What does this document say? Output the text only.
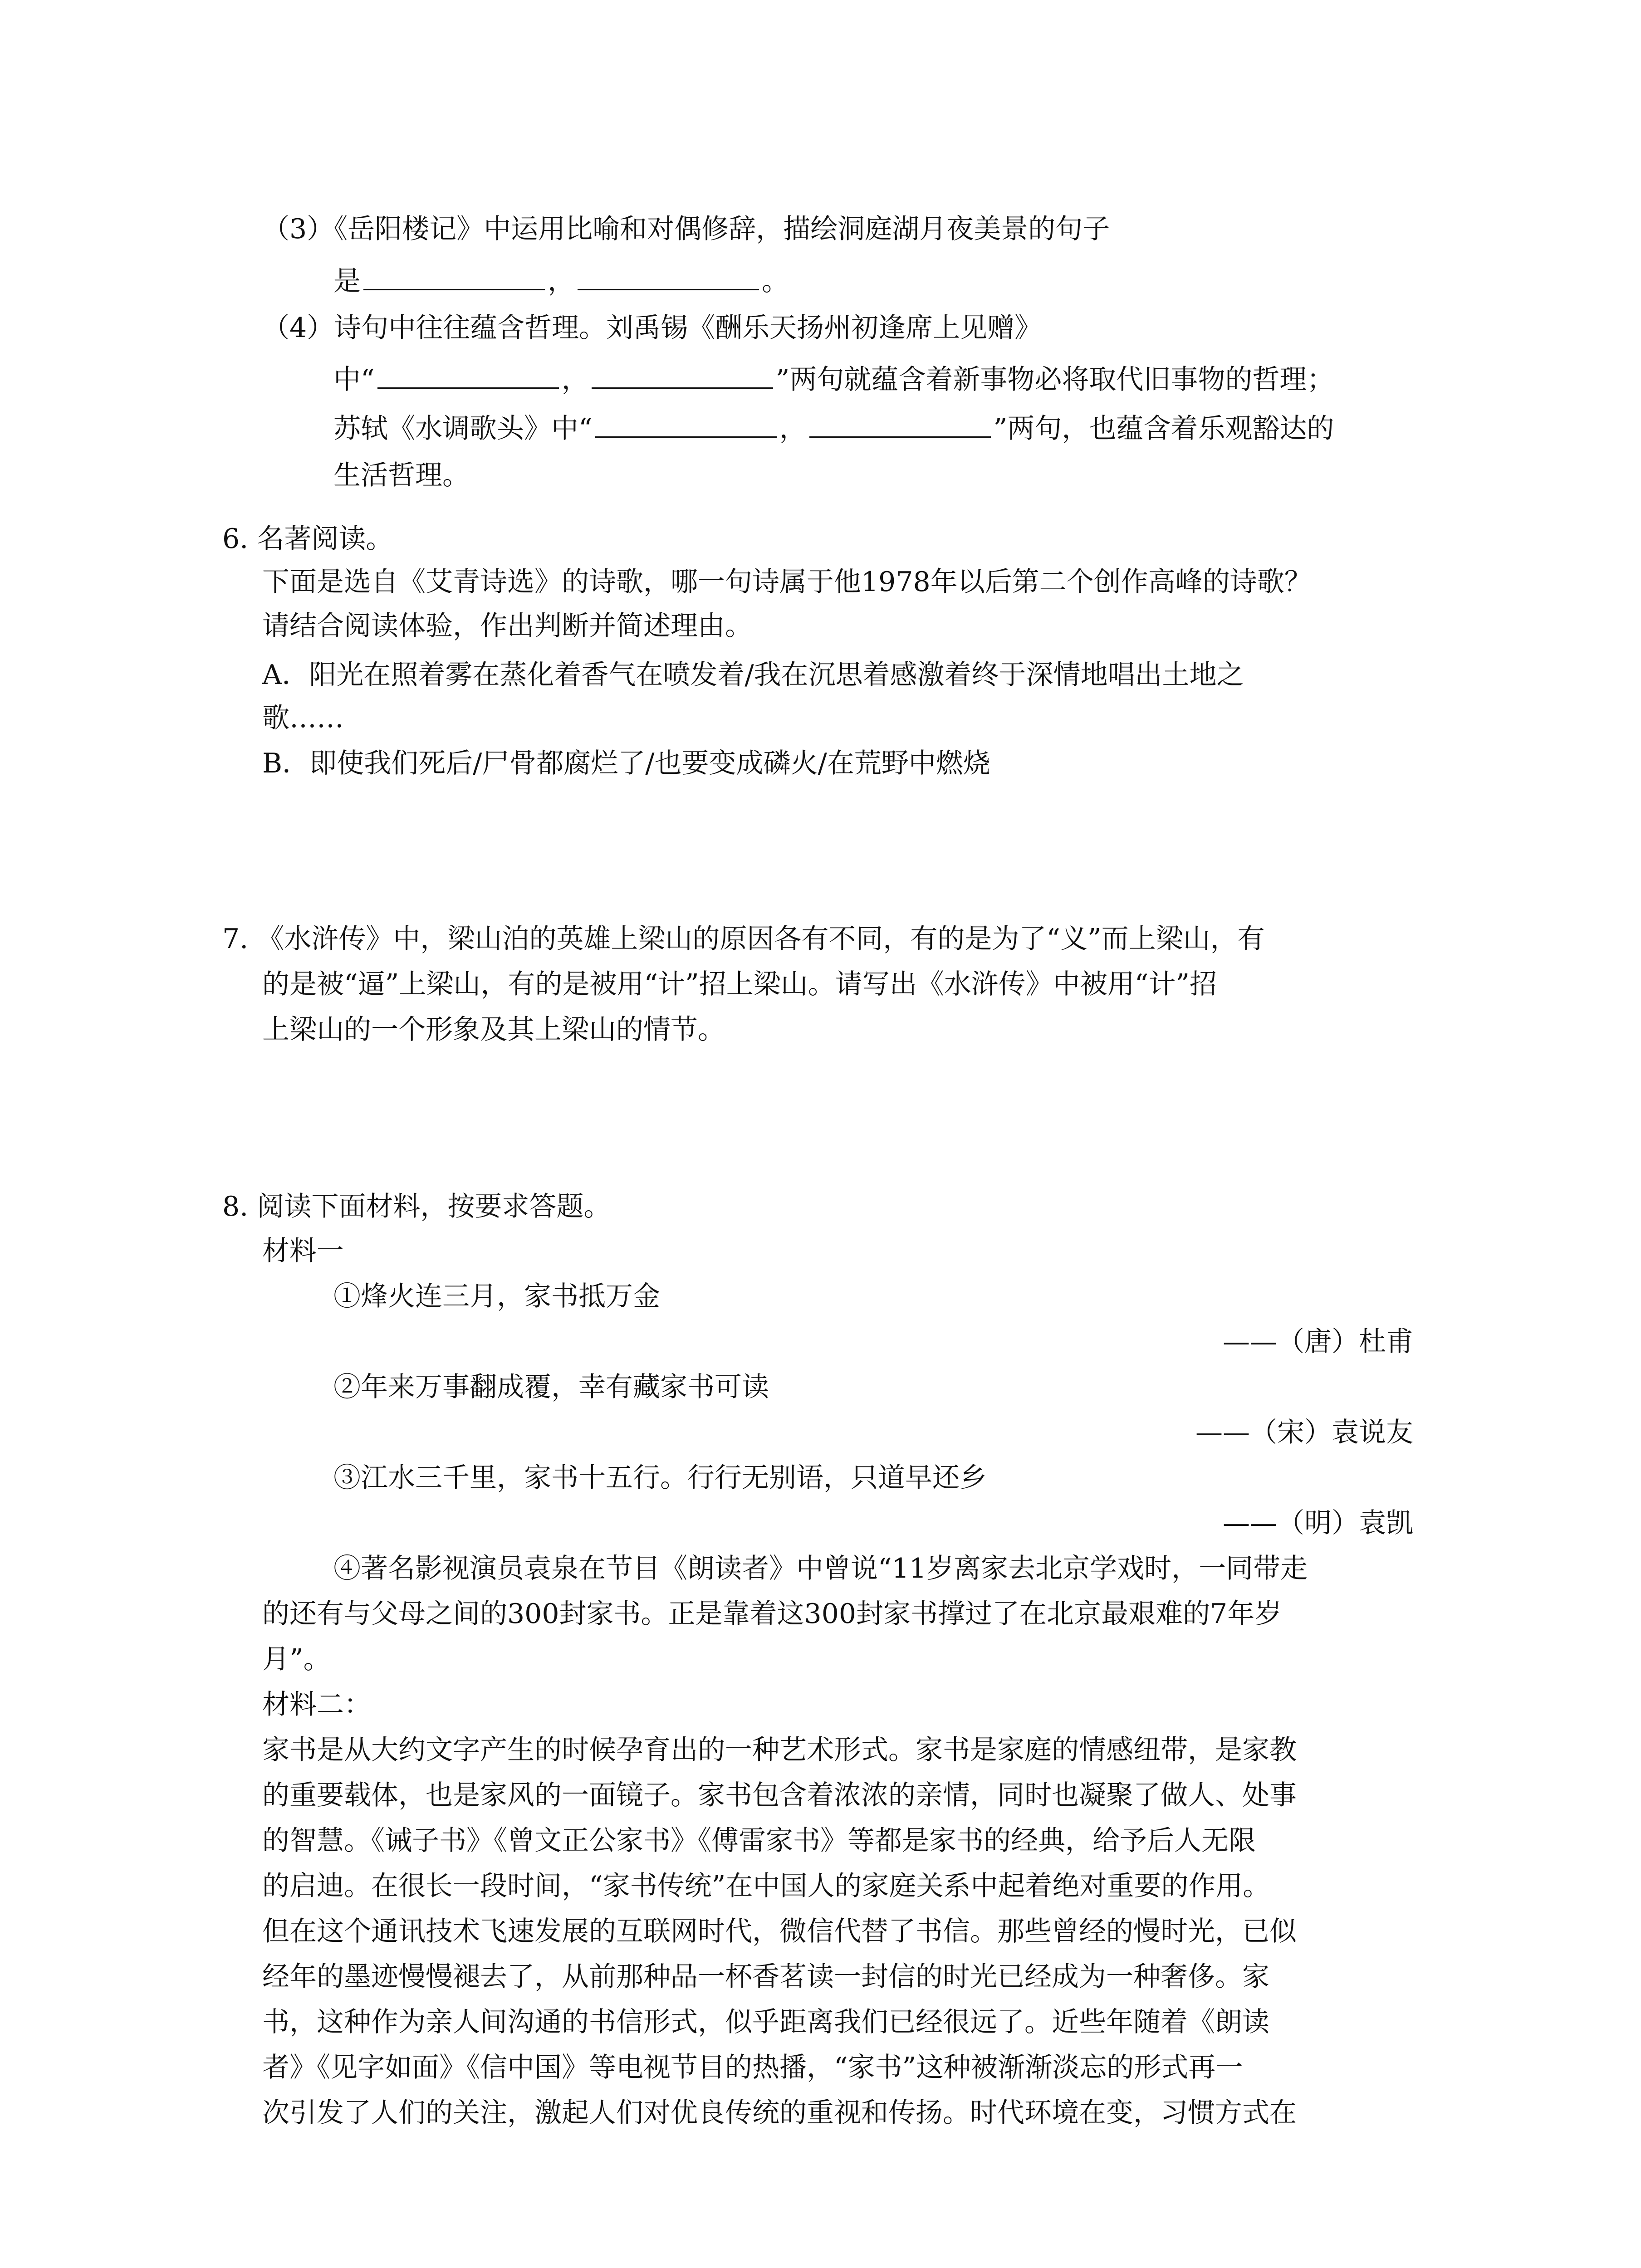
（3）《岳阳楼记》中运用比喻和对偶修辞，描绘洞庭湖月夜美景的句子
是	，	。
（4）诗句中往往蕴含哲理。刘禹锡《酬乐天扬州初逢席上见赠》
中“	，	”两句就蕴含着新事物必将取代旧事物的哲理；
苏轼《水调歌头》中“	，	”两句，也蕴含着乐观豁达的
生活哲理。
6. 名著阅读。
下面是选自《艾青诗选》的诗歌，哪一句诗属于他1978年以后第二个创作高峰的诗歌？
请结合阅读体验，作出判断并简述理由。
A．阳光在照着雾在蒸化着香气在喷发着/我在沉思着感激着终于深情地唱出土地之
歌……
B．即使我们死后/尸骨都腐烂了/也要变成磷火/在荒野中燃烧
7. 《水浒传》中，梁山泊的英雄上梁山的原因各有不同，有的是为了“义”而上梁山，有
的是被“逼”上梁山，有的是被用“计”招上梁山。请写出《水浒传》中被用“计”招
上梁山的一个形象及其上梁山的情节。
8. 阅读下面材料，按要求答题。
材料一
①烽火连三月，家书抵万金
——（唐）杜甫
②年来万事翻成覆，幸有藏家书可读
——（宋）袁说友
③江水三千里，家书十五行。行行无别语，只道早还乡
——（明）袁凯
④著名影视演员袁泉在节目《朗读者》中曾说“11岁离家去北京学戏时，一同带走
的还有与父母之间的300封家书。正是靠着这300封家书撑过了在北京最艰难的7年岁
月”。
材料二：
家书是从大约文字产生的时候孕育出的一种艺术形式。家书是家庭的情感纽带，是家教
的重要载体，也是家风的一面镜子。家书包含着浓浓的亲情，同时也凝聚了做人、处事
的智慧。《诫子书》《曾文正公家书》《傅雷家书》等都是家书的经典，给予后人无限
的启迪。在很长一段时间，“家书传统”在中国人的家庭关系中起着绝对重要的作用。
但在这个通讯技术飞速发展的互联网时代，微信代替了书信。那些曾经的慢时光，已似
经年的墨迹慢慢褪去了，从前那种品一杯香茗读一封信的时光已经成为一种奢侈。家
书，这种作为亲人间沟通的书信形式，似乎距离我们已经很远了。近些年随着《朗读
者》《见字如面》《信中国》等电视节目的热播，“家书”这种被渐渐淡忘的形式再一
次引发了人们的关注，激起人们对优良传统的重视和传扬。时代环境在变，习惯方式在
